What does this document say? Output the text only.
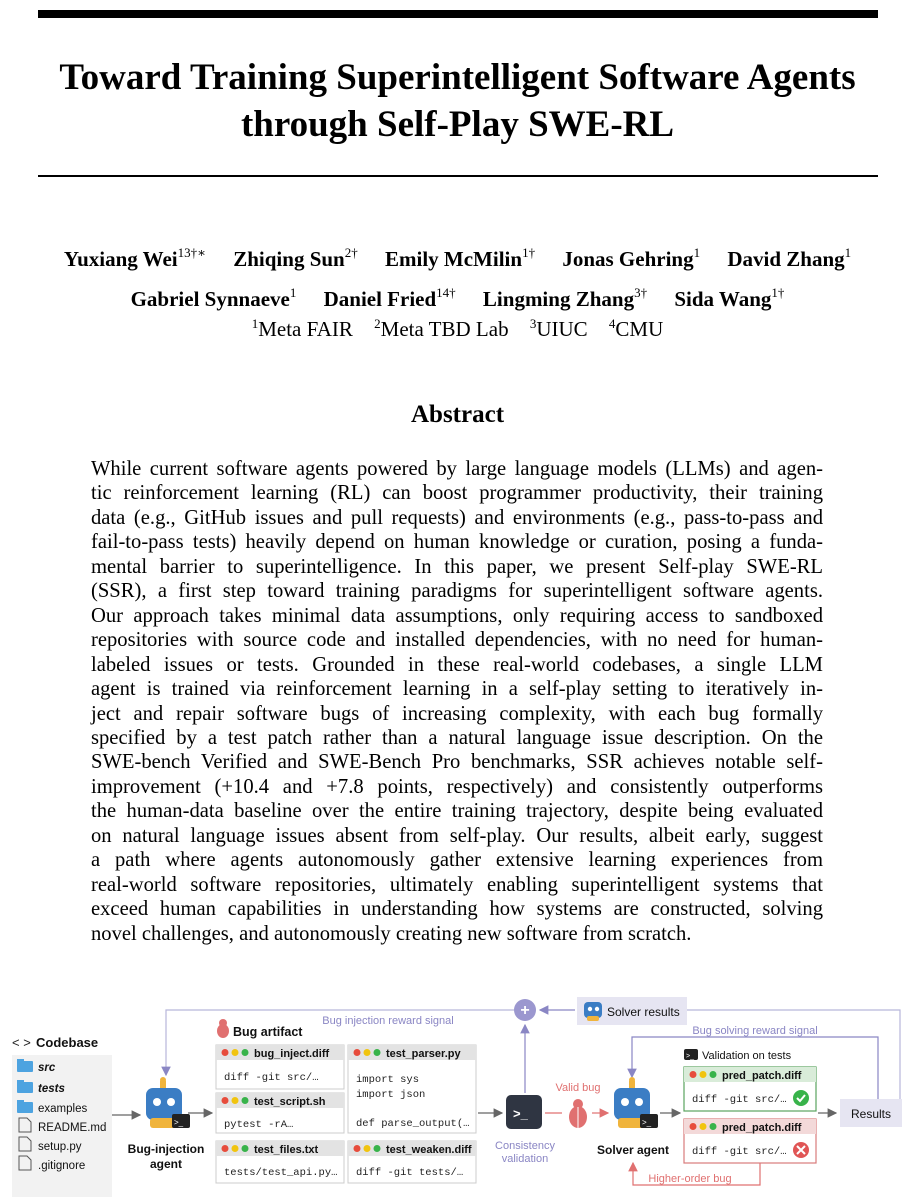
Toward Training Superintelligent Software Agents
through Self-Play SWE-RL
Yuxiang Wei$^{13\dagger∗}$ Zhiqing Sun$^{2\dagger}$ Emily McMilin$^{1\dagger}$ Jonas Gehring$^1$ David Zhang$^1$
Gabriel Synnaeve$^1$ Daniel Fried$^{14\dagger}$ Lingming Zhang$^{3\dagger}$ Sida Wang$^{1\dagger}$
$^1$Meta FAIR $^2$Meta TBD Lab $^3$UIUC $^4$CMU
Abstract
While current software agents powered by large language models (LLMs) and agen-
tic reinforcement learning (RL) can boost programmer productivity, their training
data (e.g., GitHub issues and pull requests) and environments (e.g., pass-to-pass and
fail-to-pass tests) heavily depend on human knowledge or curation, posing a funda-
mental barrier to superintelligence. In this paper, we present Self-play SWE-RL
(SSR), a first step toward training paradigms for superintelligent software agents.
Our approach takes minimal data assumptions, only requiring access to sandboxed
repositories with source code and installed dependencies, with no need for human-
labeled issues or tests. Grounded in these real-world codebases, a single LLM
agent is trained via reinforcement learning in a self-play setting to iteratively in-
ject and repair software bugs of increasing complexity, with each bug formally
specified by a test patch rather than a natural language issue description. On the
SWE-bench Verified and SWE-Bench Pro benchmarks, SSR achieves notable self-
improvement (+10.4 and +7.8 points, respectively) and consistently outperforms
the human-data baseline over the entire training trajectory, despite being evaluated
on natural language issues absent from self-play. Our results, albeit early, suggest
a path where agents autonomously gather extensive learning experiences from
real-world software repositories, ultimately enabling superintelligent systems that
exceed human capabilities in understanding how systems are constructed, solving
novel challenges, and autonomously creating new software from scratch.
< > Codebase
src
tests
examples
README.md
setup.py
.gitignore
>_
Bug-injection agent
Bug artifact
bug_inject.diff
diff -git src/…
test_script.sh
pytest -rA…
test_files.txt
tests/test_api.py…
test_parser.py
import sys
import json
def parse_output(…
test_weaken.diff
diff -git tests/…
>_
Consistency validation
+
Bug injection reward signal
Solver results
Bug solving reward signal
Valid bug
>_
Solver agent
Higher-order bug
>_ Validation on tests
pred_patch.diff
diff -git src/…
pred_patch.diff
diff -git src/…
Results
